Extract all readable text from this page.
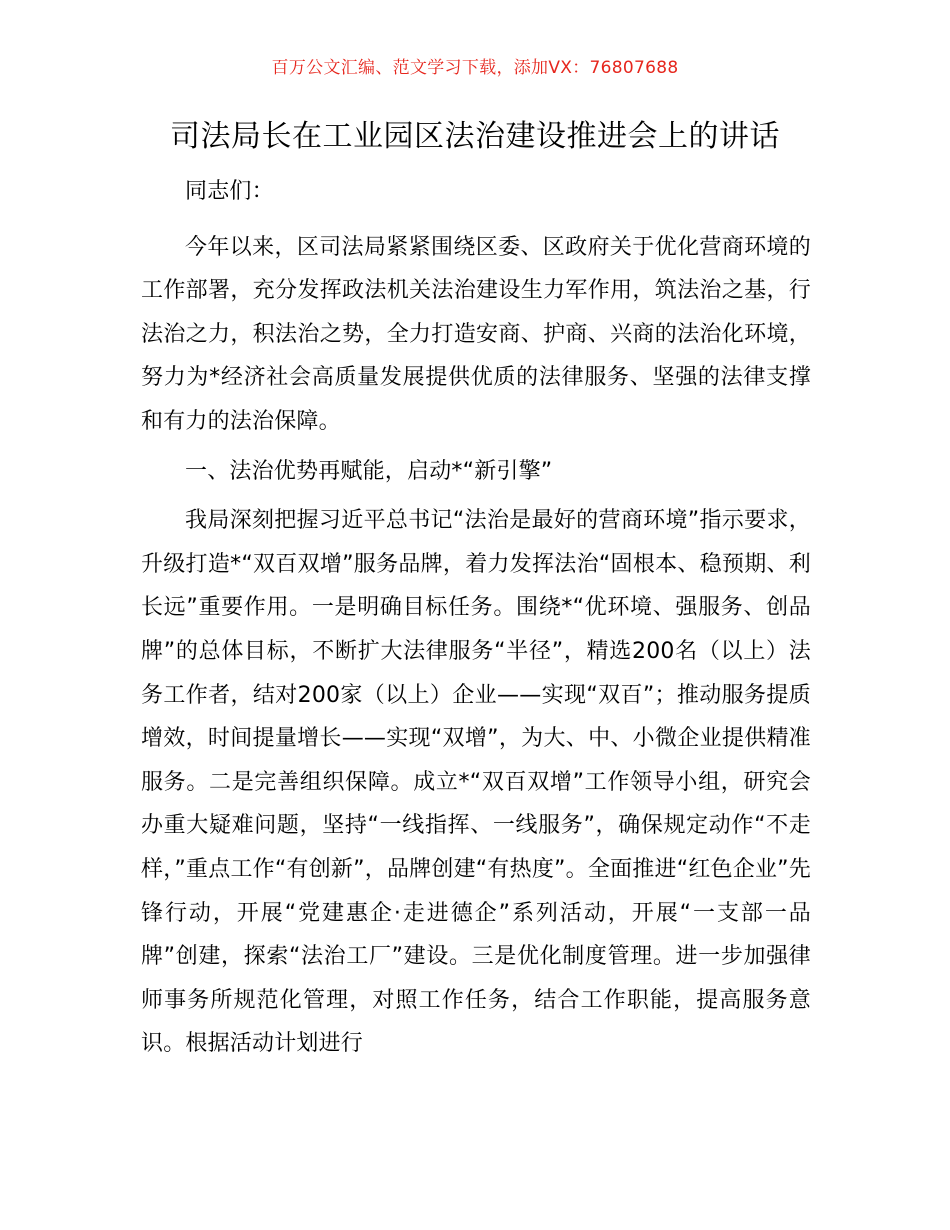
百万公文汇编、范文学习下载，添加VX：76807688
司法局长在工业园区法治建设推进会上的讲话

同志们：

今年以来，区司法局紧紧围绕区委、区政府关于优化营商环境的工作部署，充分发挥政法机关法治建设生力军作用，筑法治之基，行法治之力，积法治之势，全力打造安商、护商、兴商的法治化环境，努力为*经济社会高质量发展提供优质的法律服务、坚强的法律支撑和有力的法治保障。

一、法治优势再赋能，启动*“新引擎”

我局深刻把握习近平总书记“法治是最好的营商环境”指示要求，升级打造*“双百双增”服务品牌，着力发挥法治“固根本、稳预期、利长远”重要作用。一是明确目标任务。围绕*“优环境、强服务、创品牌”的总体目标，不断扩大法律服务“半径”，精选200名（以上）法务工作者，结对200家（以上）企业——实现“双百”；推动服务提质增效，时间提量增长——实现“双增”，为大、中、小微企业提供精准服务。二是完善组织保障。成立*“双百双增”工作领导小组，研究会办重大疑难问题，坚持“一线指挥、一线服务”，确保规定动作“不走样，”重点工作“有创新”，品牌创建“有热度”。全面推进“红色企业”先锋行动，开展“党建惠企·走进德企”系列活动，开展“一支部一品牌”创建，探索“法治工厂”建设。三是优化制度管理。进一步加强律师事务所规范化管理，对照工作任务，结合工作职能，提高服务意识。根据活动计划进行
